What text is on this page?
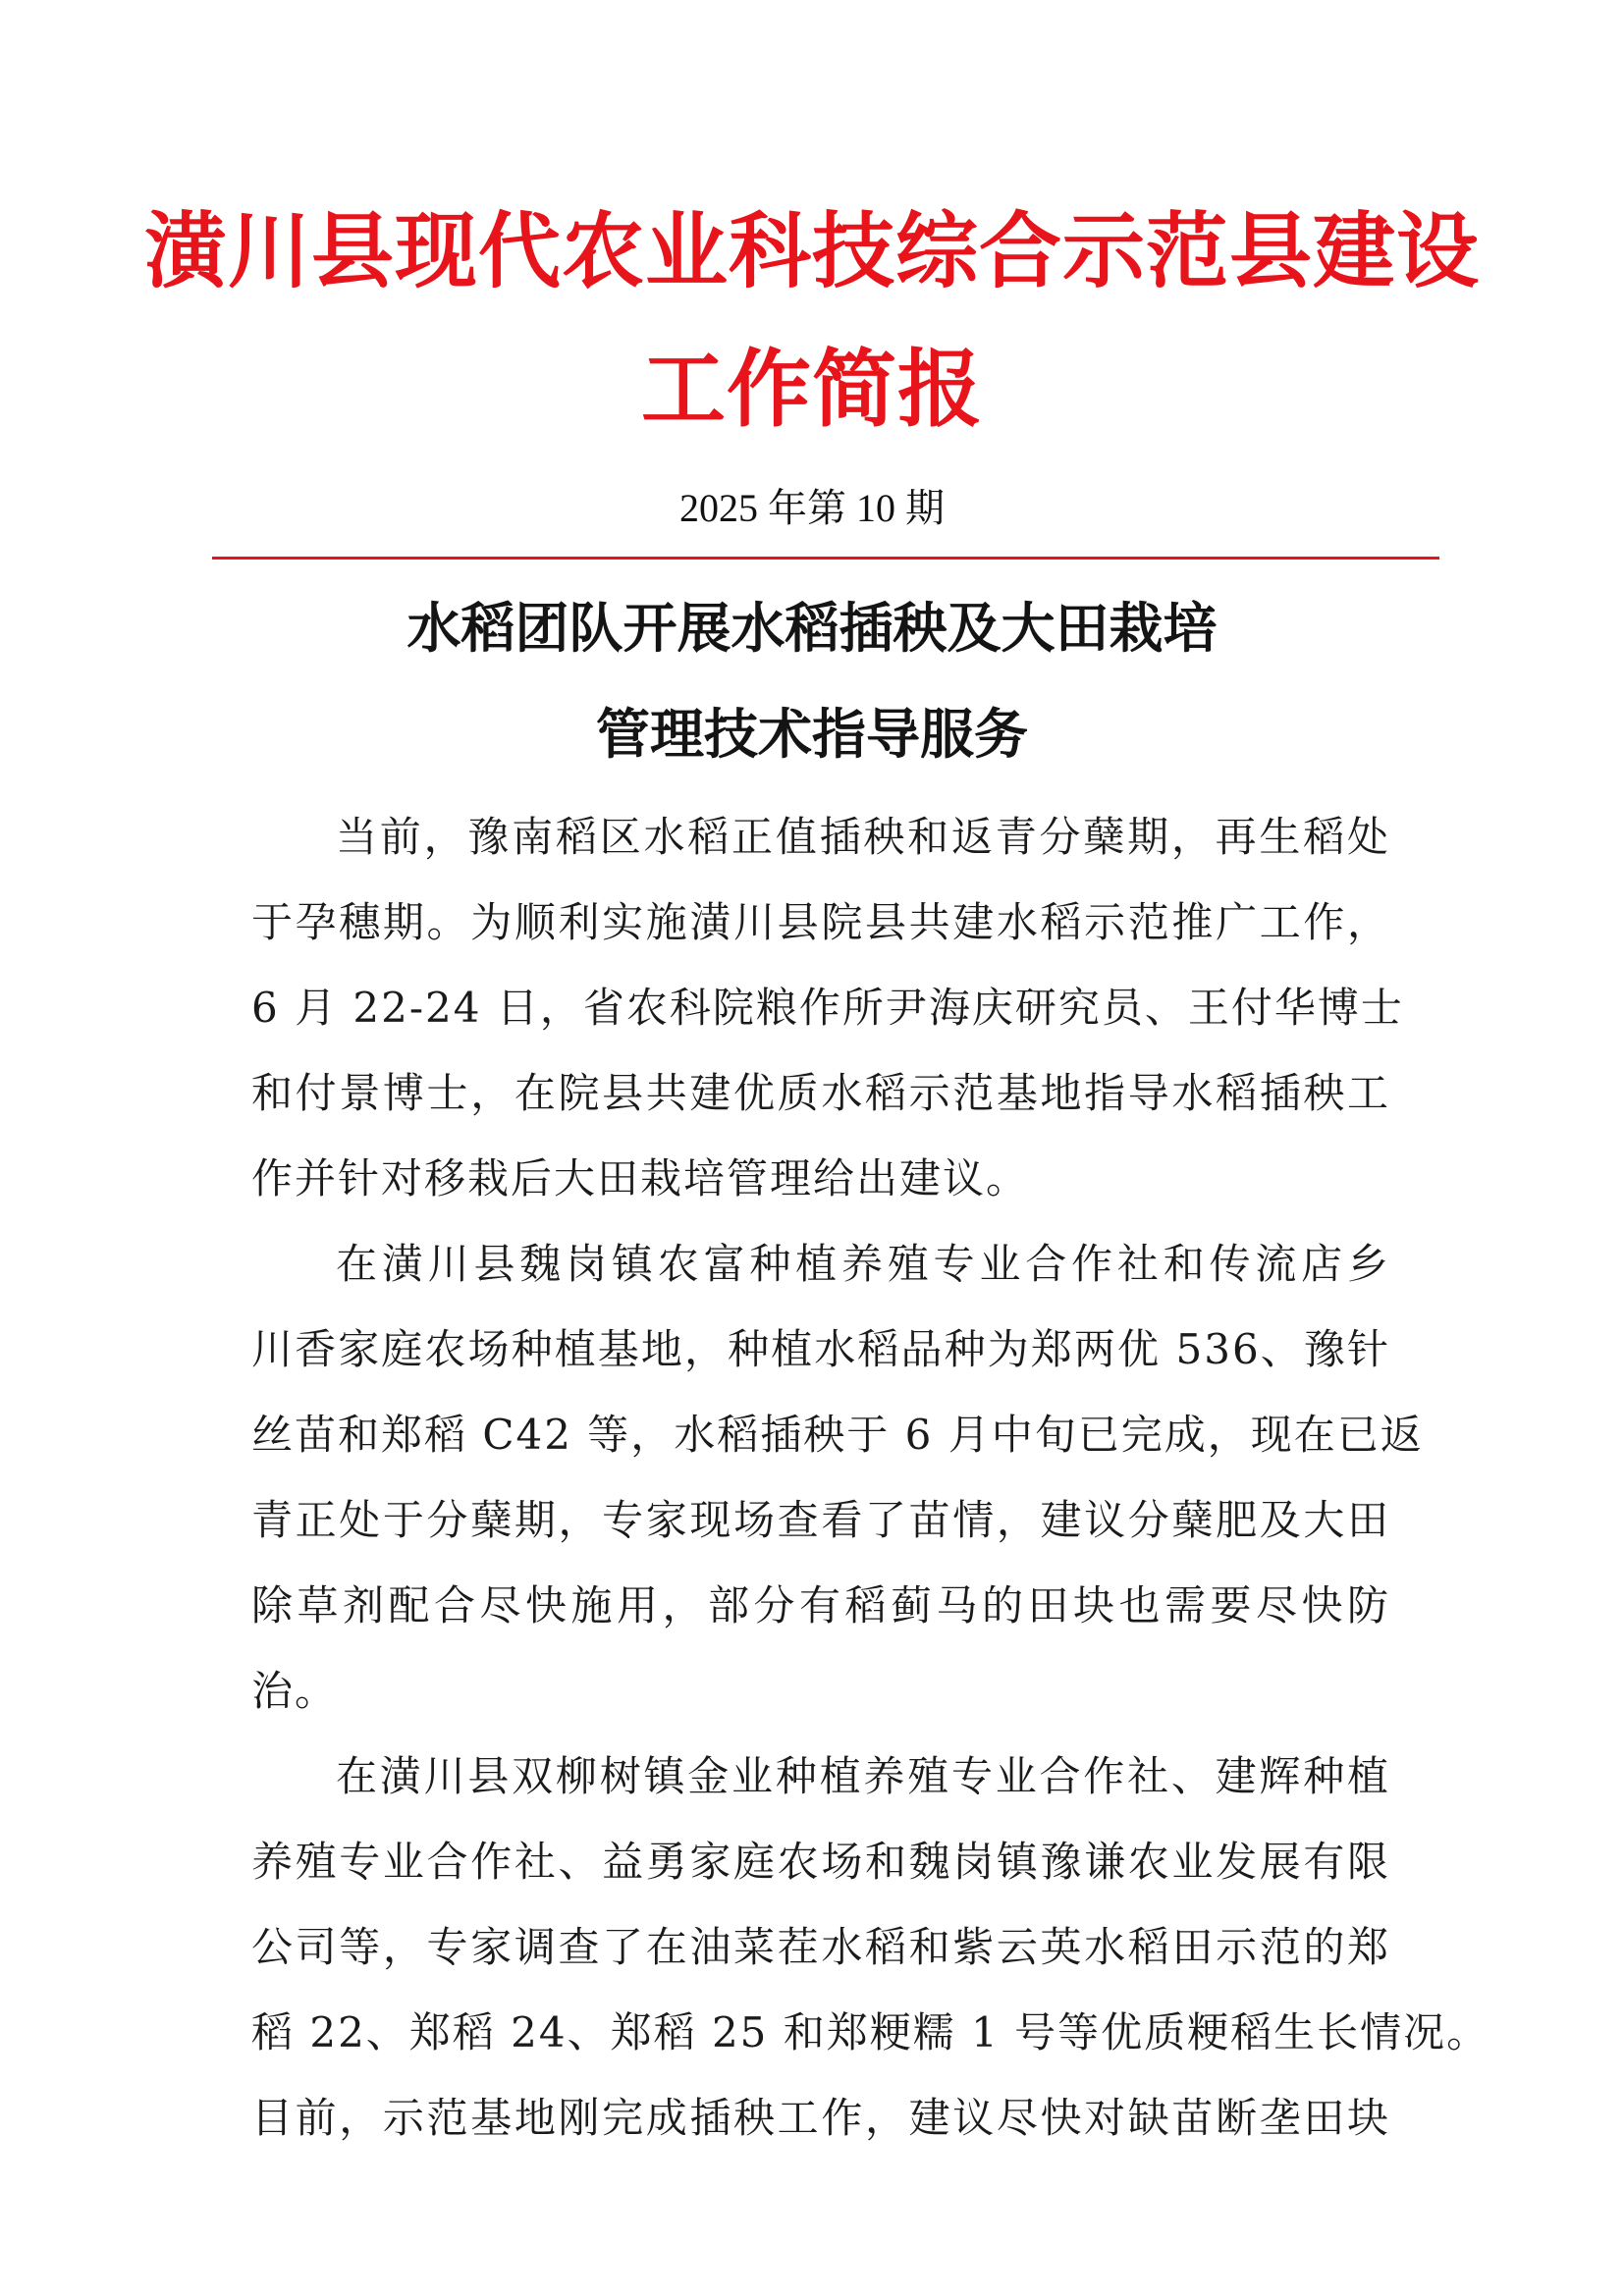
潢川县现代农业科技综合示范县建设
工作简报
2025 年第 10 期
水稻团队开展水稻插秧及大田栽培
管理技术指导服务
当前，豫南稻区水稻正值插秧和返青分蘖期，再生稻处
于孕穗期。为顺利实施潢川县院县共建水稻示范推广工作，
6 月 22-24 日，省农科院粮作所尹海庆研究员、王付华博士
和付景博士，在院县共建优质水稻示范基地指导水稻插秧工
作并针对移栽后大田栽培管理给出建议。
在潢川县魏岗镇农富种植养殖专业合作社和传流店乡
川香家庭农场种植基地，种植水稻品种为郑两优 536、豫针
丝苗和郑稻 C42 等，水稻插秧于 6 月中旬已完成，现在已返
青正处于分蘖期，专家现场查看了苗情，建议分蘖肥及大田
除草剂配合尽快施用，部分有稻蓟马的田块也需要尽快防
治。
在潢川县双柳树镇金业种植养殖专业合作社、建辉种植
养殖专业合作社、益勇家庭农场和魏岗镇豫谦农业发展有限
公司等，专家调查了在油菜茬水稻和紫云英水稻田示范的郑
稻 22、郑稻 24、郑稻 25 和郑粳糯 1 号等优质粳稻生长情况。
目前，示范基地刚完成插秧工作，建议尽快对缺苗断垄田块
